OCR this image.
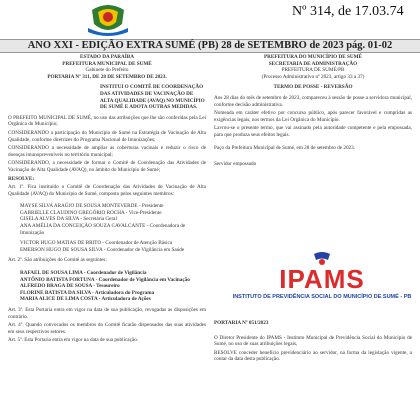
Nº 314, de 17.03.74
ANO XXI - EDIÇÃO EXTRA SUMÉ (PB) 28 de SETEMBRO de 2023 pág. 01-02
ESTADO DA PARAÍBA
PREFEITURA MUNICIPAL DE SUMÉ
Gabinete do Prefeito
PORTARIA Nº 311, DE 28 DE SETEMBRO DE 2023.
INSTITUI O COMITÊ DE COORDENAÇÃO
DAS ATIVIDADES DE VACINAÇÃO DE
ALTA QUALIDADE (AVAQ) NO MUNICÍPIO
DE SUMÉ E ADOTA OUTRAS MEDIDAS.

O PREFEITO MUNICIPAL DE SUMÉ, no uso das atribuições que lhe são conferidas pela Lei Orgânica do Município;

CONSIDERANDO a participação do Município de Sumé na Estratégia de Vacinação de Alta Qualidade, conforme diretrizes do Programa Nacional de Imunizações;

CONSIDERANDO a necessidade de ampliar as coberturas vacinais e reduzir o risco de doenças imunopreveníveis no território municipal;

CONSIDERANDO, a necessidade de formar o Comitê de Coordenação das Atividades de Vacinação de Alta Qualidade (AVAQ), no âmbito do Município de Sumé;

RESOLVE:

Art. 1º. Fica instituído o Comitê de Coordenação das Atividades de Vacinação de Alta Qualidade (AVAQ) do Município de Sumé, composto pelos seguintes membros:

MAYSE SILVA ARAÚJO DE SOUSA MONTEVERDE - Presidente
GABRIELLE CLAUDINO GREGÓRIO ROCHA - Vice-Presidente
GISELA ALVES DA SILVA - Secretária Geral
ANA AMÉLIA DA CONCEIÇÃO SOUZA CAVALCANTE - Coordenadora de Imunização
VICTOR HUGO MATIAS DE BRITO - Coordenador de Atenção Básica
EMERSON HUGO DE SOUSA SILVA - Coordenador de Vigilância em Saúde

Art. 2º. São atribuições do Comitê as seguintes:

RAFAEL DE SOUSA LIMA - Coordenador de Vigilância
ANTÔNIO BATISTA FORTUNA - Coordenador de Vigilância em Vacinação
ALFREDO BRAGA DE SOUSA - Tesoureiro
FLORINE BATISTA DA SILVA - Articuladora do Programa
MARIA ALICE DE LIMA COSTA - Articuladora de Ações

Art. 3º. Esta Portaria entra em vigor na data de sua publicação, revogadas as disposições em contrário.

Art. 4º. Quando convocados os membros do Comitê ficarão dispensados das suas atividades em seus respectivos setores.

Art. 5º. Esta Portaria entra em vigor na data de sua publicação.

PREFEITURA DO MUNICÍPIO DE SUMÉ
SECRETARIA DE ADMINISTRAÇÃO
PREFEITURA DE SUMÉ/PB
(Processo Administrativo nº 2023, artigo 33 a 37)
TERMO DE POSSE - REVERSÃO

Aos 28 dias do mês de setembro de 2023, compareceu à sessão de posse a servidora municipal, conforme decisão administrativa.

Nomeada em caráter efetivo por concurso público, após parecer favorável e cumpridas as exigências legais, nos termos da Lei Orgânica do Município.

Lavrou-se o presente termo, que vai assinado pela autoridade competente e pela empossada, para que produza seus efeitos legais.

Paço da Prefeitura Municipal de Sumé, em 28 de setembro de 2023.

Servidor empossado

IPAMS
INSTITUTO DE PREVIDÊNCIA SOCIAL DO MUNICÍPIO DE SUMÉ - PB
PORTARIA Nº 051/2023

O Diretor Presidente do IPAMS - Instituto Municipal de Previdência Social do Município de Sumé, no uso de suas atribuições legais,

RESOLVE conceder benefício previdenciário ao servidor, na forma da legislação vigente, a contar da data desta publicação.
